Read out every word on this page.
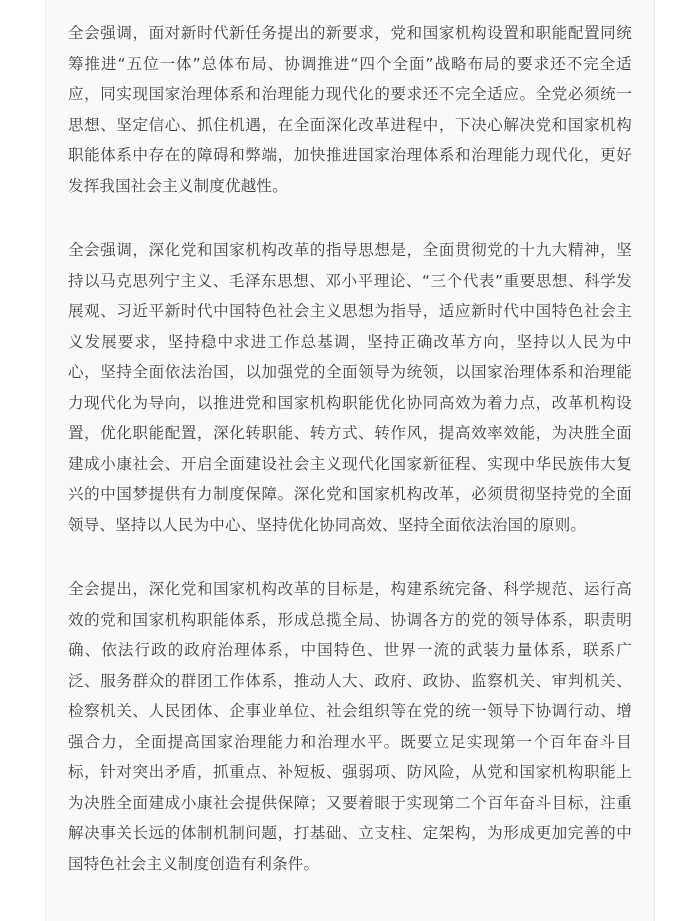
全会强调，面对新时代新任务提出的新要求，党和国家机构设置和职能配置同统筹推进“五位一体”总体布局、协调推进“四个全面”战略布局的要求还不完全适应，同实现国家治理体系和治理能力现代化的要求还不完全适应。全党必须统一思想、坚定信心、抓住机遇，在全面深化改革进程中，下决心解决党和国家机构职能体系中存在的障碍和弊端，加快推进国家治理体系和治理能力现代化，更好发挥我国社会主义制度优越性。

全会强调，深化党和国家机构改革的指导思想是，全面贯彻党的十九大精神，坚持以马克思列宁主义、毛泽东思想、邓小平理论、“三个代表”重要思想、科学发展观、习近平新时代中国特色社会主义思想为指导，适应新时代中国特色社会主义发展要求，坚持稳中求进工作总基调，坚持正确改革方向，坚持以人民为中心，坚持全面依法治国，以加强党的全面领导为统领，以国家治理体系和治理能力现代化为导向，以推进党和国家机构职能优化协同高效为着力点，改革机构设置，优化职能配置，深化转职能、转方式、转作风，提高效率效能，为决胜全面建成小康社会、开启全面建设社会主义现代化国家新征程、实现中华民族伟大复兴的中国梦提供有力制度保障。深化党和国家机构改革，必须贯彻坚持党的全面领导、坚持以人民为中心、坚持优化协同高效、坚持全面依法治国的原则。

全会提出，深化党和国家机构改革的目标是，构建系统完备、科学规范、运行高效的党和国家机构职能体系，形成总揽全局、协调各方的党的领导体系，职责明确、依法行政的政府治理体系，中国特色、世界一流的武装力量体系，联系广泛、服务群众的群团工作体系，推动人大、政府、政协、监察机关、审判机关、检察机关、人民团体、企事业单位、社会组织等在党的统一领导下协调行动、增强合力，全面提高国家治理能力和治理水平。既要立足实现第一个百年奋斗目标，针对突出矛盾，抓重点、补短板、强弱项、防风险，从党和国家机构职能上为决胜全面建成小康社会提供保障；又要着眼于实现第二个百年奋斗目标，注重解决事关长远的体制机制问题，打基础、立支柱、定架构，为形成更加完善的中国特色社会主义制度创造有利条件。
